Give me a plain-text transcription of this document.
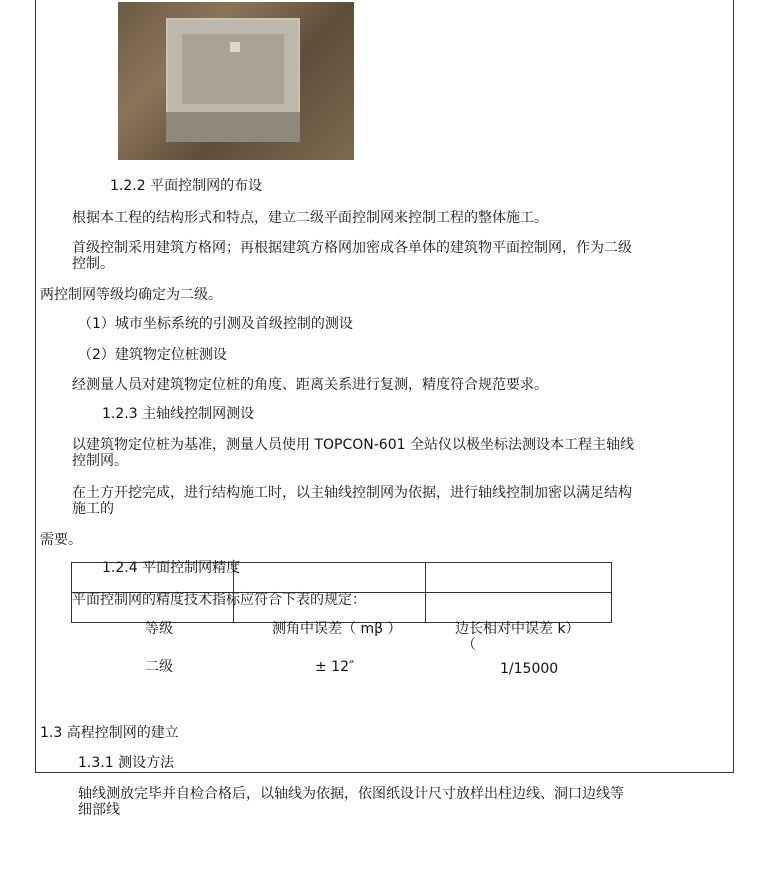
1.2.2 平面控制网的布设
根据本工程的结构形式和特点，建立二级平面控制网来控制工程的整体施工。
首级控制采用建筑方格网；再根据建筑方格网加密成各单体的建筑物平面控制网，作为二级
控制。
两控制网等级均确定为二级。
（1）城市坐标系统的引测及首级控制的测设
（2）建筑物定位桩测设
经测量人员对建筑物定位桩的角度、距离关系进行复测，精度符合规范要求。
1.2.3 主轴线控制网测设
以建筑物定位桩为基准，测量人员使用 TOPCON-601 全站仪以极坐标法测设本工程主轴线
控制网。
在土方开挖完成，进行结构施工时，以主轴线控制网为依据，进行轴线控制加密以满足结构
施工的
需要。
1.2.4 平面控制网精度
平面控制网的精度技术指标应符合下表的规定：
等级	测角中误差（ mβ ）	边长相对中误差 k）
（
二级	± 12″	1/15000
1.3 高程控制网的建立
1.3.1 测设方法
轴线测放完毕并自检合格后，以轴线为依据，依图纸设计尺寸放样出柱边线、洞口边线等
细部线
